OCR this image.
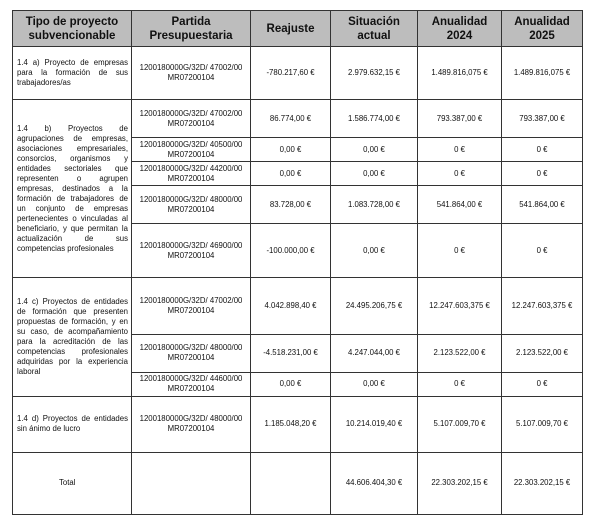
Tipo de proyecto subvencionable	Partida Presupuestaria	Reajuste	Situación actual	Anualidad 2024	Anualidad 2025
1.4 a) Proyecto de empresas para la formación de sus trabajadores/as	1200180000G/32D/ 47002/00 MR07200104	-780.217,60 €	2.979.632,15 €	1.489.816,075 €	1.489.816,075 €
1.4 b) Proyectos de agrupaciones de empresas, asociaciones empresariales, consorcios, organismos y entidades sectoriales que representen o agrupen empresas, destinados a la formación de trabajadores de un conjunto de empresas pertenecientes o vinculadas al beneficiario, y que permitan la actualización de sus competencias profesionales	1200180000G/32D/ 47002/00 MR07200104	86.774,00 €	1.586.774,00 €	793.387,00 €	793.387,00 €
	1200180000G/32D/ 40500/00 MR07200104	0,00 €	0,00 €	0 €	0 €
	1200180000G/32D/ 44200/00 MR07200104	0,00 €	0,00 €	0 €	0 €
	1200180000G/32D/ 48000/00 MR07200104	83.728,00 €	1.083.728,00 €	541.864,00 €	541.864,00 €
	1200180000G/32D/ 46900/00 MR07200104	-100.000,00 €	0,00 €	0 €	0 €
1.4 c) Proyectos de entidades de formación que presenten propuestas de formación, y en su caso, de acompañamiento para la acreditación de las competencias profesionales adquiridas por la experiencia laboral	1200180000G/32D/ 47002/00 MR07200104	4.042.898,40 €	24.495.206,75 €	12.247.603,375 €	12.247.603,375 €
	1200180000G/32D/ 48000/00 MR07200104	-4.518.231,00 €	4.247.044,00 €	2.123.522,00 €	2.123.522,00 €
	1200180000G/32D/ 44600/00 MR07200104	0,00 €	0,00 €	0 €	0 €
1.4 d) Proyectos de entidades sin ánimo de lucro	1200180000G/32D/ 48000/00 MR07200104	1.185.048,20 €	10.214.019,40 €	5.107.009,70 €	5.107.009,70 €
Total			44.606.404,30 €	22.303.202,15 €	22.303.202,15 €
